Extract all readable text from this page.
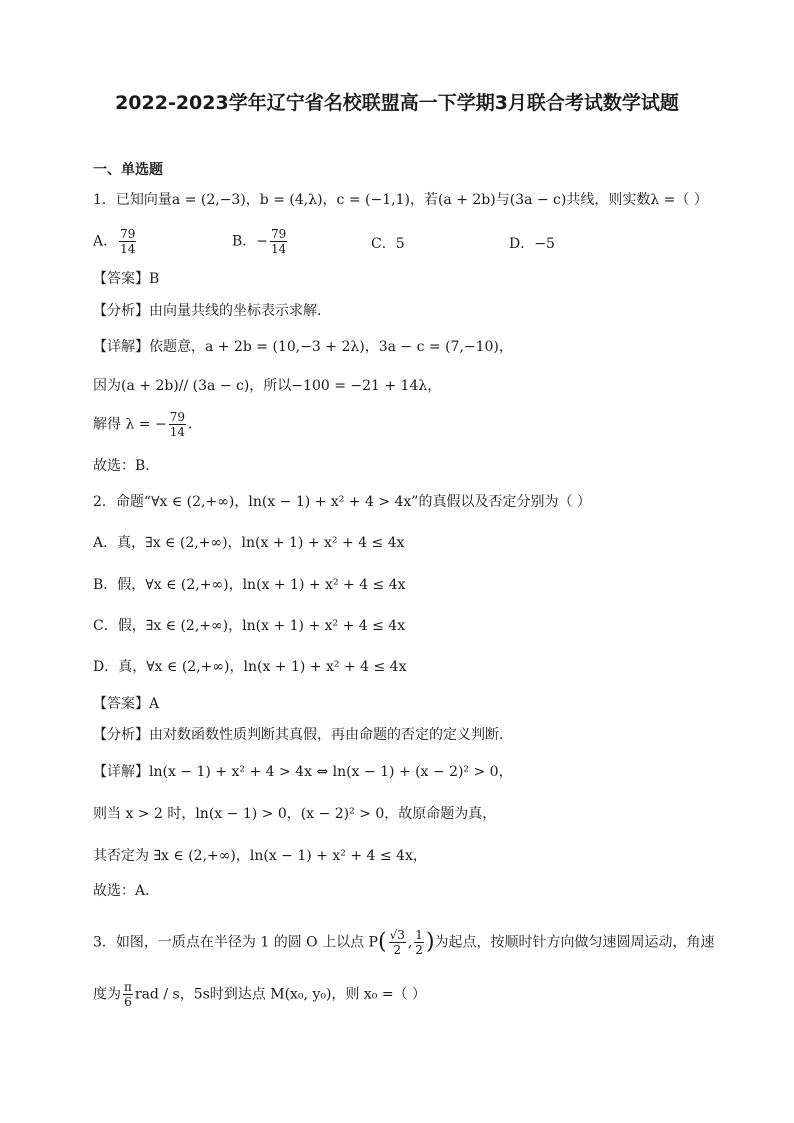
2022-2023学年辽宁省名校联盟高一下学期3月联合考试数学试题
一、单选题
1．已知向量a = (2,−3)，b = (4,λ)，c = (−1,1)，若(a + 2b)与(3a − c)共线，则实数λ =（ ）
A． $\frac{79}{14}$	B．− $\frac{79}{14}$	C．5	D．−5
【答案】B
【分析】由向量共线的坐标表示求解．
【详解】依题意，a + 2b = (10,−3 + 2λ)，3a − c = (7,−10)，
因为(a + 2b)// (3a − c)，所以−100 = −21 + 14λ，
解得 λ = − $\frac{79}{14}$ ．
故选：B．
2．命题“∀x ∈ (2,+∞)，ln(x − 1) + x² + 4 > 4x”的真假以及否定分别为（ ）
A．真，∃x ∈ (2,+∞)，ln(x + 1) + x² + 4 ≤ 4x
B．假，∀x ∈ (2,+∞)，ln(x + 1) + x² + 4 ≤ 4x
C．假，∃x ∈ (2,+∞)，ln(x + 1) + x² + 4 ≤ 4x
D．真，∀x ∈ (2,+∞)，ln(x + 1) + x² + 4 ≤ 4x
【答案】A
【分析】由对数函数性质判断其真假，再由命题的否定的定义判断．
【详解】ln(x − 1) + x² + 4 > 4x ⇔ ln(x − 1) + (x − 2)² > 0，
则当 x > 2 时，ln(x − 1) > 0，(x − 2)² > 0，故原命题为真，
其否定为 ∃x ∈ (2,+∞)，ln(x − 1) + x² + 4 ≤ 4x，
故选：A．
3．如图，一质点在半径为 1 的圆 O 上以点 $P( \frac{√3}{2}$ , $\frac{1}{2}$ )为起点，按顺时针方向做匀速圆周运动，角速
度为 $\frac{\pi}{6}$ rad / s，5s时到达点 M(x₀, y₀)，则 x₀ =（ ）
